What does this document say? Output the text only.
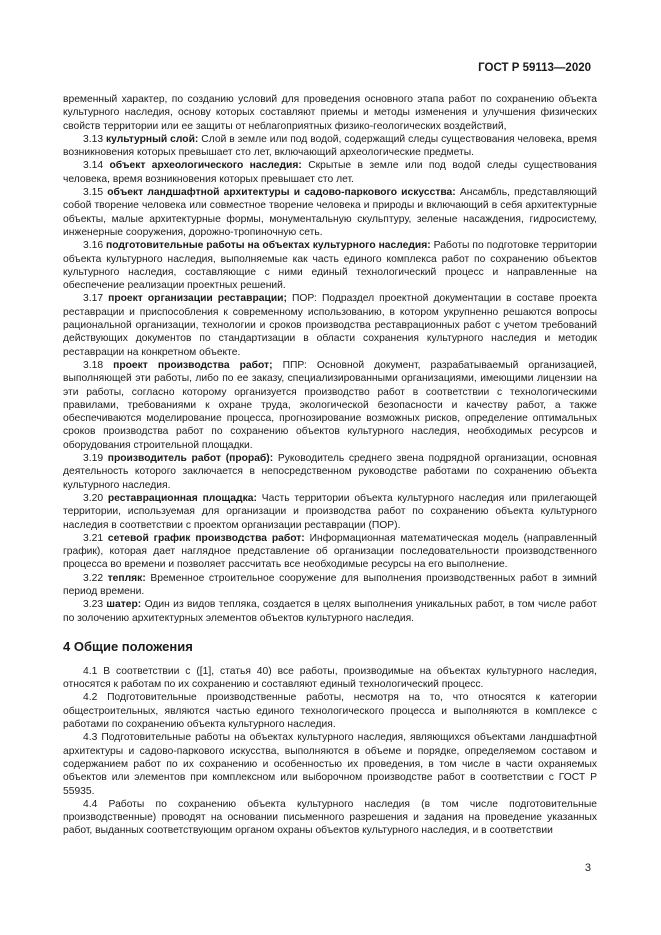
ГОСТ Р 59113—2020

временный характер, по созданию условий для проведения основного этапа работ по сохранению объекта культурного наследия, основу которых составляют приемы и методы изменения и улучшения физических свойств территории или ее защиты от неблагоприятных физико-геологических воздействий,

3.13 культурный слой: Слой в земле или под водой, содержащий следы существования человека, время возникновения которых превышает сто лет, включающий археологические предметы.

3.14 объект археологического наследия: Скрытые в земле или под водой следы существования человека, время возникновения которых превышает сто лет.

3.15 объект ландшафтной архитектуры и садово-паркового искусства: Ансамбль, представляющий собой творение человека или совместное творение человека и природы и включающий в себя архитектурные объекты, малые архитектурные формы, монументальную скульптуру, зеленые насаждения, гидросистему, инженерные сооружения, дорожно-тропиночную сеть.

3.16 подготовительные работы на объектах культурного наследия: Работы по подготовке территории объекта культурного наследия, выполняемые как часть единого комплекса работ по сохранению объектов культурного наследия, составляющие с ними единый технологический процесс и направленные на обеспечение реализации проектных решений.

3.17 проект организации реставрации; ПОР: Подраздел проектной документации в составе проекта реставрации и приспособления к современному использованию, в котором укрупненно решаются вопросы рациональной организации, технологии и сроков производства реставрационных работ с учетом требований действующих документов по стандартизации в области сохранения культурного наследия и методик реставрации на конкретном объекте.

3.18 проект производства работ; ППР: Основной документ, разрабатываемый организацией, выполняющей эти работы, либо по ее заказу, специализированными организациями, имеющими лицензии на эти работы, согласно которому организуется производство работ в соответствии с технологическими правилами, требованиями к охране труда, экологической безопасности и качеству работ, а также обеспечиваются моделирование процесса, прогнозирование возможных рисков, определение оптимальных сроков производства работ по сохранению объектов культурного наследия, необходимых ресурсов и оборудования строительной площадки.

3.19 производитель работ (прораб): Руководитель среднего звена подрядной организации, основная деятельность которого заключается в непосредственном руководстве работами по сохранению объекта культурного наследия.

3.20 реставрационная площадка: Часть территории объекта культурного наследия или прилегающей территории, используемая для организации и производства работ по сохранению объекта культурного наследия в соответствии с проектом организации реставрации (ПОР).

3.21 сетевой график производства работ: Информационная математическая модель (направленный график), которая дает наглядное представление об организации последовательности производственного процесса во времени и позволяет рассчитать все необходимые ресурсы на его выполнение.

3.22 тепляк: Временное строительное сооружение для выполнения производственных работ в зимний период времени.

3.23 шатер: Один из видов тепляка, создается в целях выполнения уникальных работ, в том числе работ по золочению архитектурных элементов объектов культурного наследия.

4 Общие положения

4.1 В соответствии с ([1], статья 40) все работы, производимые на объектах культурного наследия, относятся к работам по их сохранению и составляют единый технологический процесс.

4.2 Подготовительные производственные работы, несмотря на то, что относятся к категории общестроительных, являются частью единого технологического процесса и выполняются в комплексе с работами по сохранению объекта культурного наследия.

4.3 Подготовительные работы на объектах культурного наследия, являющихся объектами ландшафтной архитектуры и садово-паркового искусства, выполняются в объеме и порядке, определяемом составом и содержанием работ по их сохранению и особенностью их проведения, в том числе в части охраняемых объектов или элементов при комплексном или выборочном производстве работ в соответствии с ГОСТ Р 55935.

4.4 Работы по сохранению объекта культурного наследия (в том числе подготовительные производственные) проводят на основании письменного разрешения и задания на проведение указанных работ, выданных соответствующим органом охраны объектов культурного наследия, и в соответствии

3
